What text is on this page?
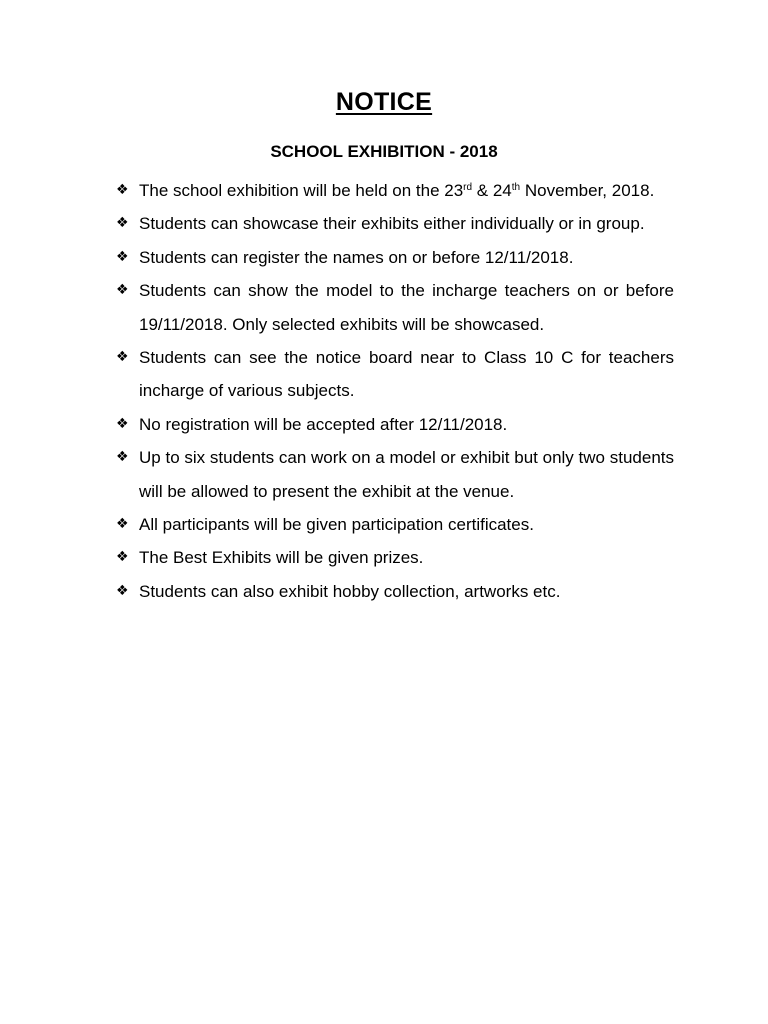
NOTICE
SCHOOL EXHIBITION - 2018
❖ The school exhibition will be held on the 23rd & 24th November, 2018.
❖ Students can showcase their exhibits either individually or in group.
❖ Students can register the names on or before 12/11/2018.
❖ Students can show the model to the incharge teachers on or before 19/11/2018. Only selected exhibits will be showcased.
❖ Students can see the notice board near to Class 10 C for teachers incharge of various subjects.
❖ No registration will be accepted after 12/11/2018.
❖ Up to six students can work on a model or exhibit but only two students will be allowed to present the exhibit at the venue.
❖ All participants will be given participation certificates.
❖ The Best Exhibits will be given prizes.
❖ Students can also exhibit hobby collection, artworks etc.
